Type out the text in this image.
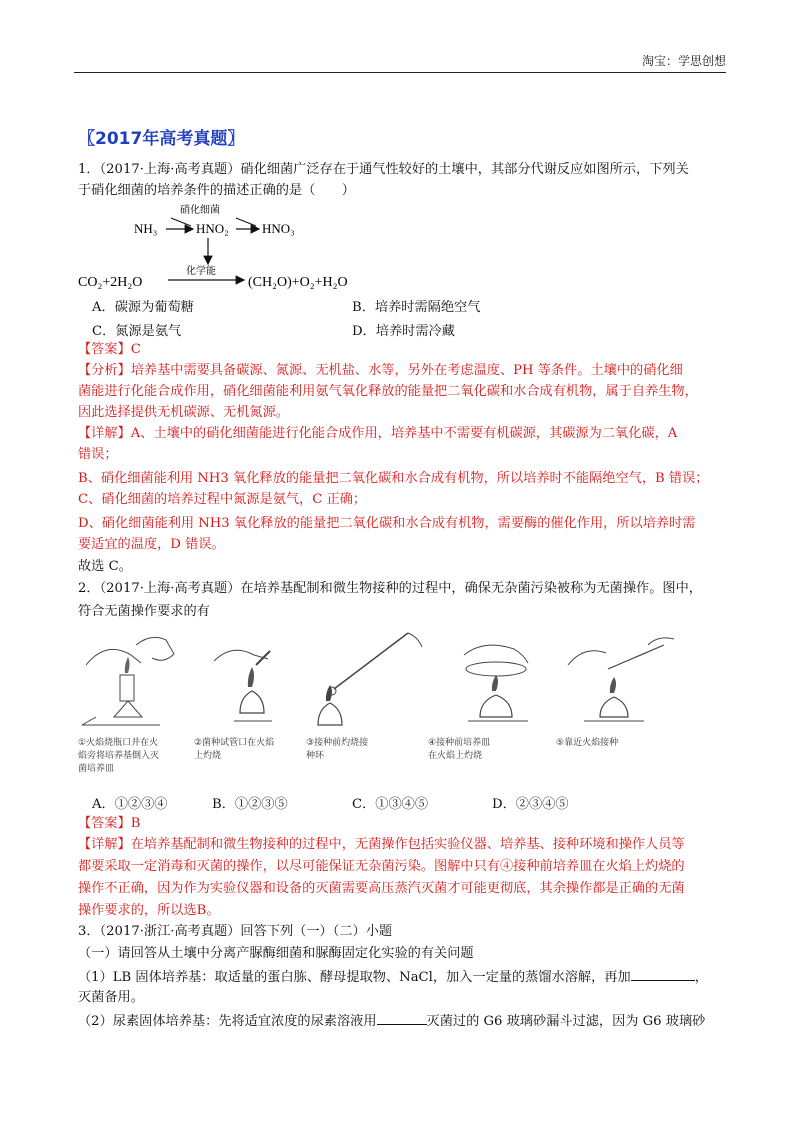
淘宝：学思创想
〖2017年高考真题〗
1．（2017·上海·高考真题）硝化细菌广泛存在于通气性较好的土壤中，其部分代谢反应如图所示，下列关
于硝化细菌的培养条件的描述正确的是（　　）
硝化细菌
NH₃	HNO₂	HNO₃
化学能
CO₂+2H₂O	(CH₂O)+O₂+H₂O
A．碳源为葡萄糖	B．培养时需隔绝空气
C．氮源是氨气	D．培养时需冷藏
【答案】C
【分析】培养基中需要具备碳源、氮源、无机盐、水等，另外在考虑温度、PH 等条件。土壤中的硝化细
菌能进行化能合成作用，硝化细菌能利用氨气氧化释放的能量把二氧化碳和水合成有机物，属于自养生物，
因此选择提供无机碳源、无机氮源。
【详解】A、土壤中的硝化细菌能进行化能合成作用，培养基中不需要有机碳源，其碳源为二氧化碳，A
错误；
B、硝化细菌能利用 NH3 氧化释放的能量把二氧化碳和水合成有机物，所以培养时不能隔绝空气，B 错误；
C、硝化细菌的培养过程中氮源是氨气，C 正确；
D、硝化细菌能利用 NH3 氧化释放的能量把二氧化碳和水合成有机物，需要酶的催化作用，所以培养时需
要适宜的温度，D 错误。
故选 C。
2．（2017·上海·高考真题）在培养基配制和微生物接种的过程中，确保无杂菌污染被称为无菌操作。图中，
符合无菌操作要求的有
①火焰烧瓶口并在火
焰旁将培养基倒入灭
菌培养皿
②菌种试管口在火焰
上灼烧
③接种前灼烧接
种环
④接种前培养皿
在火焰上灼烧
⑤靠近火焰接种
A．①②③④	B．①②③⑤	C．①③④⑤	D．②③④⑤
【答案】B
【详解】在培养基配制和微生物接种的过程中，无菌操作包括实验仪器、培养基、接种环境和操作人员等
都要采取一定消毒和灭菌的操作，以尽可能保证无杂菌污染。图解中只有④接种前培养皿在火焰上灼烧的
操作不正确，因为作为实验仪器和设备的灭菌需要高压蒸汽灭菌才可能更彻底，其余操作都是正确的无菌
操作要求的，所以选B。
3．（2017·浙江·高考真题）回答下列（一）（二）小题
（一）请回答从土壤中分离产脲酶细菌和脲酶固定化实验的有关问题
（1）LB 固体培养基：取适量的蛋白胨、酵母提取物、NaCl，加入一定量的蒸馏水溶解，再加	，
灭菌备用。
（2）尿素固体培养基：先将适宜浓度的尿素溶液用	灭菌过的 G6 玻璃砂漏斗过滤，因为 G6 玻璃砂
